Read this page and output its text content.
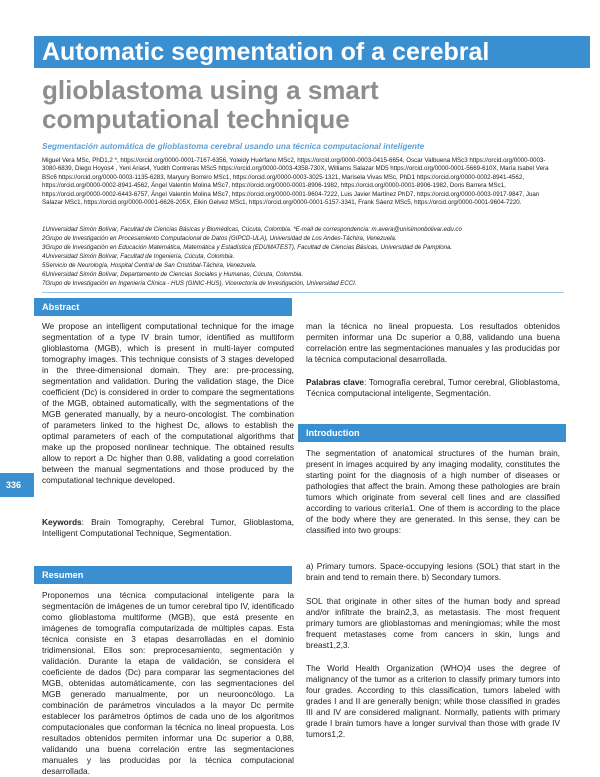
Automatic segmentation of a cerebral
glioblastoma using a smart
computational technique
Segmentación automática de glioblastoma cerebral usando una técnica computacional inteligente
Miguel Vera MSc, PhD1,2 *, https://orcid.org/0000-0001-7167-6356, Yoleidy Huérfano MSc2, https://orcid.org/0000-0003-0415-6654, Oscar Valbuena MSc3 https://orcid.org/0000-0003-3080-6839, Diego Hoyos4 , Yeni Arias4, Yudith Contreras MSc5 https://orcid.org/0000-0003-4358-730X, Williams Salazar MD5 https://orcid.org/0000-0001-5669-610X, María Isabel Vera BSc6 https://orcid.org/0000-0003-1135-6283, Maryury Borrero MSc1, https://orcid.org/0000-0003-3025-1321, Marisela Vivas MSc, PhD1 https://orcid.org/0000-0002-8941-4562, https://orcid.org/0000-0002-8941-4562, Ángel Valentín Molina MSc7, https://orcid.org/0000-0001-8906-1982, https://orcid.org/0000-0001-8906-1982, Doris Barrera MSc1, https://orcid.org/0000-0002-6443-6757, Ángel Valentín Molina MSc7, https://orcid.org/0000-0001-9604-7222, Luis Javier Martínez PhD7, https://orcid.org/0000-0003-0917-9847, Juan Salazar MSc1, https://orcid.org/0000-0001-6626-205X, Elkin Gelvez MSc1, https://orcid.org/0000-0001-5157-3341, Frank Sáenz MSc5, https://orcid.org/0000-0001-9604-7220.
1Universidad Simón Bolívar, Facultad de Ciencias Básicas y Biomédicas, Cúcuta, Colombia. *E-mail de correspondencia: m.avera@unisimonbolivar.edu.co
2Grupo de Investigación en Procesamiento Computacional de Datos (GIPCD-ULA), Universidad de Los Andes-Táchira, Venezuela.
3Grupo de Investigación en Educación Matemática, Matemática y Estadística (EDUMATEST), Facultad de Ciencias Básicas, Universidad de Pamplona.
4Universidad Simón Bolívar, Facultad de Ingeniería, Cúcuta, Colombia.
5Servicio de Neurología, Hospital Central de San Cristóbal-Táchira, Venezuela.
6Universidad Simón Bolívar, Departamento de Ciencias Sociales y Humanas, Cúcuta, Colombia.
7Grupo de Investigación en Ingeniería Clínica - HUS (GINIC-HUS), Vicerectoría de Investigación, Universidad ECCI.
Abstract
We propose an intelligent computational technique for the image segmentation of a type IV brain tumor, identified as multiform glioblastoma (MGB), which is present in multi-layer computed tomography images. This technique consists of 3 stages developed in the three-dimensional domain. They are: pre-processing, segmentation and validation. During the validation stage, the Dice coefficient (Dc) is considered in order to compare the segmentations of the MGB, obtained automatically, with the segmentations of the MGB generated manually, by a neuro-oncologist. The combination of parameters linked to the highest Dc, allows to establish the optimal parameters of each of the computational algorithms that make up the proposed nonlinear technique. The obtained results allow to report a Dc higher than 0.88, validating a good correlation between the manual segmentations and those produced by the computational technique developed.
Keywords: Brain Tomography, Cerebral Tumor, Glioblastoma, Intelligent Computational Technique, Segmentation.
336
Resumen
Proponemos una técnica computacional inteligente para la segmentación de imágenes de un tumor cerebral tipo IV, identificado como glioblastoma multiforme (MGB), que está presente en imágenes de tomografía computarizada de múltiples capas. Esta técnica consiste en 3 etapas desarrolladas en el dominio tridimensional. Ellos son: preprocesamiento, segmentación y validación. Durante la etapa de validación, se considera el coeficiente de dados (Dc) para comparar las segmentaciones del MGB, obtenidas automáticamente, con las segmentaciones del MGB generado manualmente, por un neurooncólogo. La combinación de parámetros vinculados a la mayor Dc permite establecer los parámetros óptimos de cada uno de los algoritmos computacionales que conforman la técnica no lineal propuesta. Los resultados obtenidos permiten informar una Dc superior a 0,88, validando una buena correlación entre las segmentaciones manuales y las producidas por la técnica computacional desarrollada.
man la técnica no lineal propuesta. Los resultados obtenidos permiten informar una Dc superior a 0,88, validando una buena correlación entre las segmentaciones manuales y las producidas por la técnica computacional desarrollada.
Palabras clave: Tomografía cerebral, Tumor cerebral, Glioblastoma, Técnica computacional inteligente, Segmentación.
Introduction
The segmentation of anatomical structures of the human brain, present in images acquired by any imaging modality, constitutes the starting point for the diagnosis of a high number of diseases or pathologies that affect the brain. Among these pathologies are brain tumors which originate from several cell lines and are classified according to various criteria1. One of them is according to the place of the body where they are generated. In this sense, they can be classified into two groups:
a) Primary tumors. Space-occupying lesions (SOL) that start in the brain and tend to remain there. b) Secondary tumors.
SOL that originate in other sites of the human body and spread and/or infiltrate the brain2,3, as metastasis. The most frequent primary tumors are glioblastomas and meningiomas; while the most frequent metastases come from cancers in skin, lungs and breast1,2,3.
The World Health Organization (WHO)4 uses the degree of malignancy of the tumor as a criterion to classify primary tumors into four grades. According to this classification, tumors labeled with grades I and II are generally benign; while those classified in grades III and IV are considered malignant. Normally, patients with primary grade I brain tumors have a longer survival than those with grade IV tumors1,2.
